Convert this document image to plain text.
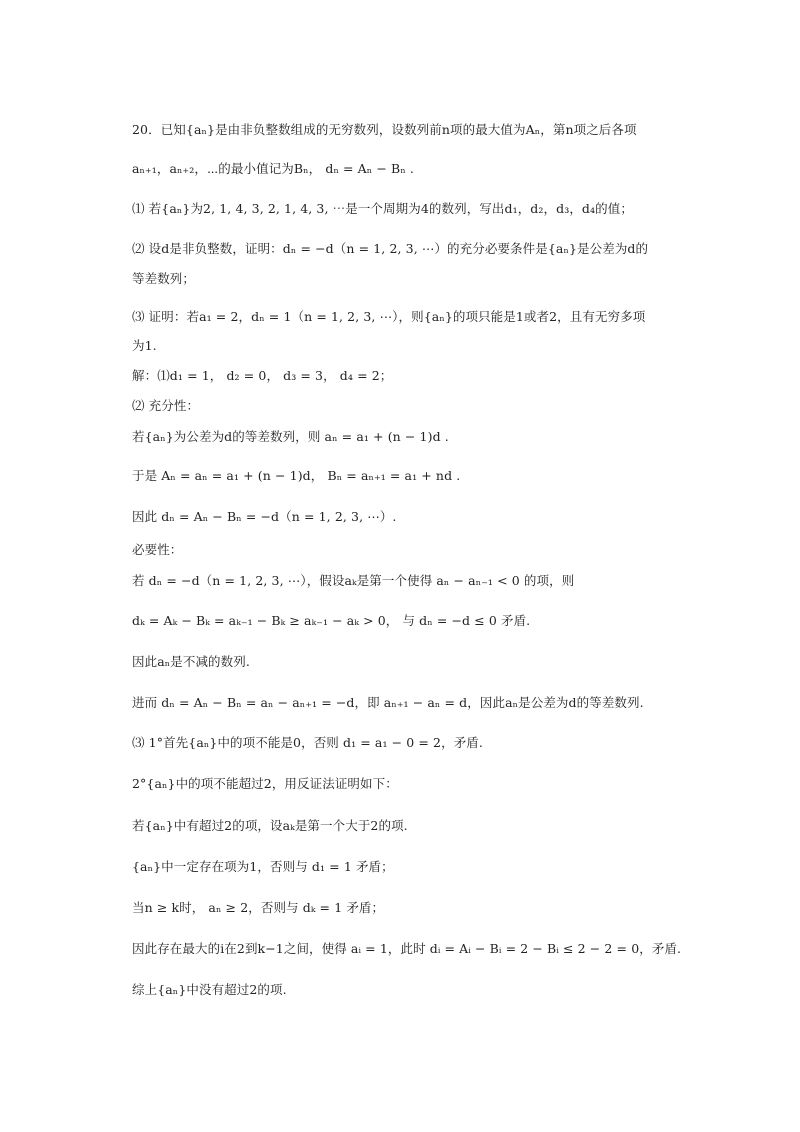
20．已知{aₙ}是由非负整数组成的无穷数列，设数列前n项的最大值为Aₙ，第n项之后各项
aₙ₊₁，aₙ₊₂，⋯的最小值记为Bₙ， dₙ = Aₙ − Bₙ .
⑴ 若{aₙ}为2, 1, 4, 3, 2, 1, 4, 3, ⋯是一个周期为4的数列，写出d₁，d₂，d₃，d₄的值；
⑵ 设d是非负整数，证明：dₙ = −d（n = 1, 2, 3, ⋯）的充分必要条件是{aₙ}是公差为d的
等差数列；
⑶ 证明：若a₁ = 2，dₙ = 1（n = 1, 2, 3, ⋯），则{aₙ}的项只能是1或者2，且有无穷多项
为1.
解：⑴d₁ = 1， d₂ = 0， d₃ = 3， d₄ = 2；
⑵ 充分性：
若{aₙ}为公差为d的等差数列，则 aₙ = a₁ + (n − 1)d .
于是 Aₙ = aₙ = a₁ + (n − 1)d， Bₙ = aₙ₊₁ = a₁ + nd .
因此 dₙ = Aₙ − Bₙ = −d（n = 1, 2, 3, ⋯）.
必要性：
若 dₙ = −d（n = 1, 2, 3, ⋯），假设aₖ是第一个使得 aₙ − aₙ₋₁ < 0 的项，则
dₖ = Aₖ − Bₖ = aₖ₋₁ − Bₖ ≥ aₖ₋₁ − aₖ > 0， 与 dₙ = −d ≤ 0 矛盾.
因此aₙ是不减的数列.
进而 dₙ = Aₙ − Bₙ = aₙ − aₙ₊₁ = −d，即 aₙ₊₁ − aₙ = d，因此aₙ是公差为d的等差数列.
⑶ 1°首先{aₙ}中的项不能是0，否则 d₁ = a₁ − 0 = 2，矛盾.
2°{aₙ}中的项不能超过2，用反证法证明如下：
若{aₙ}中有超过2的项，设aₖ是第一个大于2的项.
{aₙ}中一定存在项为1，否则与 d₁ = 1 矛盾；
当n ≥ k时， aₙ ≥ 2，否则与 dₖ = 1 矛盾；
因此存在最大的i在2到k−1之间，使得 aᵢ = 1，此时 dᵢ = Aᵢ − Bᵢ = 2 − Bᵢ ≤ 2 − 2 = 0，矛盾.
综上{aₙ}中没有超过2的项.
